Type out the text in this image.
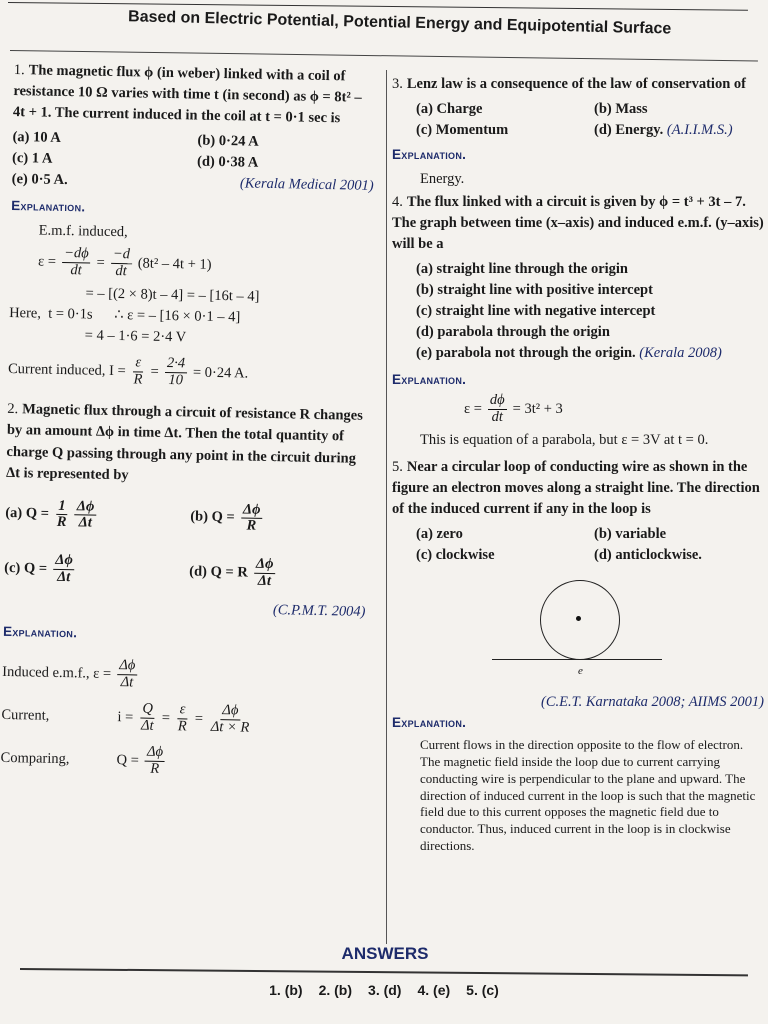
Based on Electric Potential, Potential Energy and Equipotential Surface

1. The magnetic flux ϕ (in weber) linked with a coil of resistance 10 Ω varies with time t (in second) as ϕ = 8t² – 4t + 1. The current induced in the coil at t = 0·1 sec is

(a) 10 A	(b) 0·24 A
(c) 1 A	(d) 0·38 A
(e) 0·5 A.	(Kerala Medical 2001)
Explanation.
E.m.f. induced,
$\varepsilon = \frac{-d\phi}{dt} = \frac{-d}{dt} (8t^2 - 4t + 1)$
= – [(2 × 8)t – 4] = – [16t – 4]
Here,  t = 0·1s      ∴ ε = – [16 × 0·1 – 4]
= 4 – 1·6 = 2·4 V
Current induced, $I = \frac{\varepsilon}{R} = \frac{2\cdot 4}{10} = 0\cdot 24$ A.

2. Magnetic flux through a circuit of resistance R changes by an amount Δϕ in time Δt. Then the total quantity of charge Q passing through any point in the circuit during Δt is represented by

(a) $Q = \frac{1}{R} \frac{\Delta\phi}{\Delta t}$	(b) $Q = \frac{\Delta\phi}{R}$
(c) $Q = \frac{\Delta\phi}{\Delta t}$	(d) Q = R $\frac{\Delta\phi}{\Delta t}$
(C.P.M.T. 2004)
Explanation.
Induced e.m.f., $\varepsilon = \frac{\Delta\phi}{\Delta t}$
Current,	$i = \frac{Q}{\Delta t} = \frac{\varepsilon}{R} = \frac{\Delta\phi}{\Delta t \times R}$
Comparing,	$Q = \frac{\Delta\phi}{R}$

3. Lenz law is a consequence of the law of conservation of

(a) Charge	(b) Mass
(c) Momentum	(d) Energy. (A.I.I.M.S.)
Explanation.
Energy.

4. The flux linked with a circuit is given by ϕ = t³ + 3t – 7. The graph between time (x–axis) and induced e.m.f. (y–axis) will be a

(a) straight line through the origin
(b) straight line with positive intercept
(c) straight line with negative intercept
(d) parabola through the origin
(e) parabola not through the origin. (Kerala 2008)
Explanation.
$\varepsilon = \frac{d\phi}{dt} = 3t^2 + 3$
This is equation of a parabola, but ε = 3V at t = 0.

5. Near a circular loop of conducting wire as shown in the figure an electron moves along a straight line. The direction of the induced current if any in the loop is

(a) zero	(b) variable
(c) clockwise	(d) anticlockwise.
e
(C.E.T. Karnataka 2008; AIIMS 2001)
Explanation.
Current flows in the direction opposite to the flow of electron. The magnetic field inside the loop due to current carrying conducting wire is perpendicular to the plane and upward. The direction of induced current in the loop is such that the magnetic field due to this current opposes the magnetic field due to conductor. Thus, induced current in the loop is in clockwise directions.
ANSWERS
1. (b) 2. (b) 3. (d) 4. (e) 5. (c)
